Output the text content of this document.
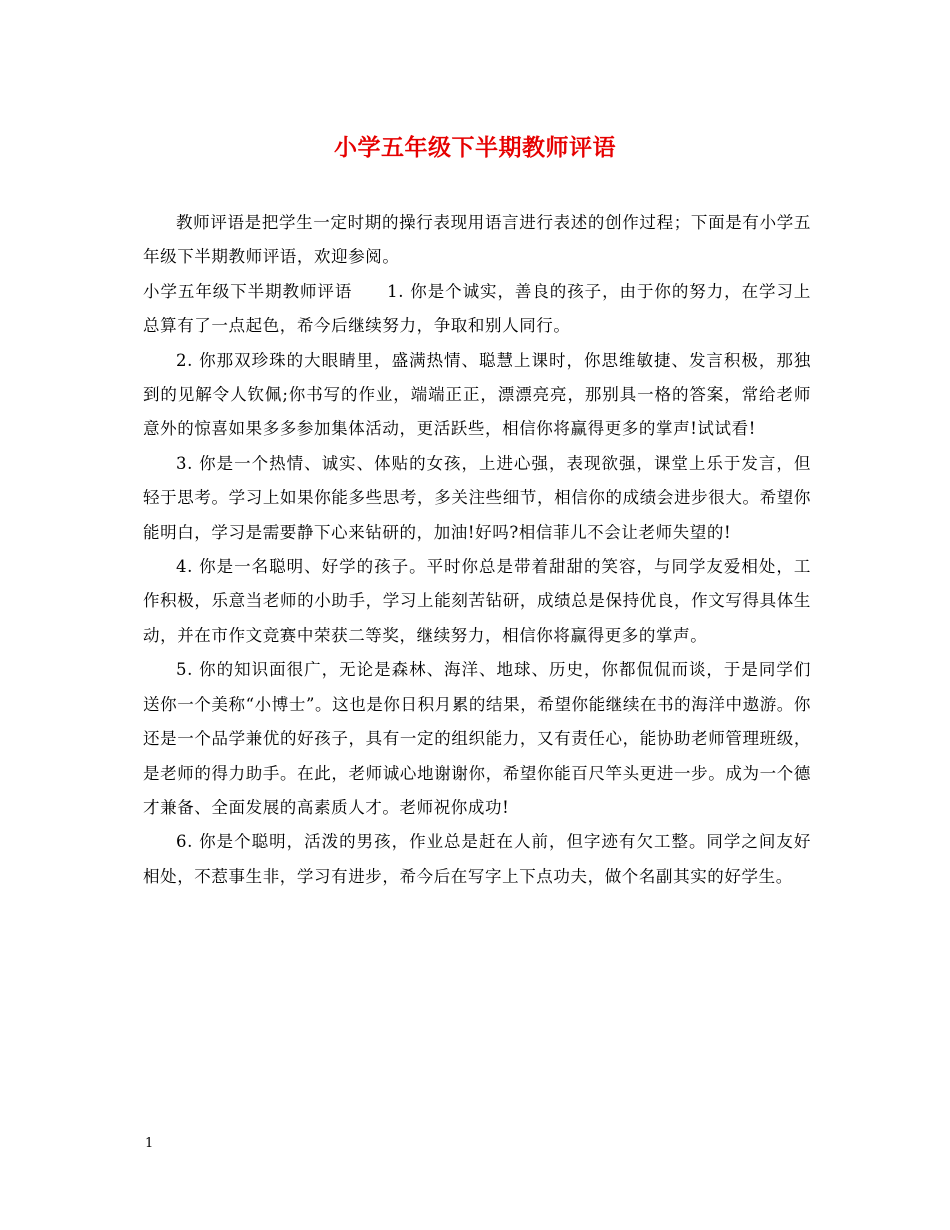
小学五年级下半期教师评语

教师评语是把学生一定时期的操行表现用语言进行表述的创作过程；下面是有小学五年级下半期教师评语，欢迎参阅。

小学五年级下半期教师评语　　1. 你是个诚实，善良的孩子，由于你的努力，在学习上总算有了一点起色，希今后继续努力，争取和别人同行。

2. 你那双珍珠的大眼睛里，盛满热情、聪慧上课时，你思维敏捷、发言积极，那独到的见解令人钦佩;你书写的作业，端端正正，漂漂亮亮，那别具一格的答案，常给老师意外的惊喜如果多多参加集体活动，更活跃些，相信你将赢得更多的掌声!试试看!

3. 你是一个热情、诚实、体贴的女孩，上进心强，表现欲强，课堂上乐于发言，但轻于思考。学习上如果你能多些思考，多关注些细节，相信你的成绩会进步很大。希望你能明白，学习是需要静下心来钻研的，加油!好吗?相信菲儿不会让老师失望的!

4. 你是一名聪明、好学的孩子。平时你总是带着甜甜的笑容，与同学友爱相处，工作积极，乐意当老师的小助手，学习上能刻苦钻研，成绩总是保持优良，作文写得具体生动，并在市作文竞赛中荣获二等奖，继续努力，相信你将赢得更多的掌声。

5. 你的知识面很广，无论是森林、海洋、地球、历史，你都侃侃而谈，于是同学们送你一个美称“小博士”。这也是你日积月累的结果，希望你能继续在书的海洋中遨游。你还是一个品学兼优的好孩子，具有一定的组织能力，又有责任心，能协助老师管理班级，是老师的得力助手。在此，老师诚心地谢谢你，希望你能百尺竿头更进一步。成为一个德才兼备、全面发展的高素质人才。老师祝你成功!

6. 你是个聪明，活泼的男孩，作业总是赶在人前，但字迹有欠工整。同学之间友好相处，不惹事生非，学习有进步，希今后在写字上下点功夫，做个名副其实的好学生。

1
